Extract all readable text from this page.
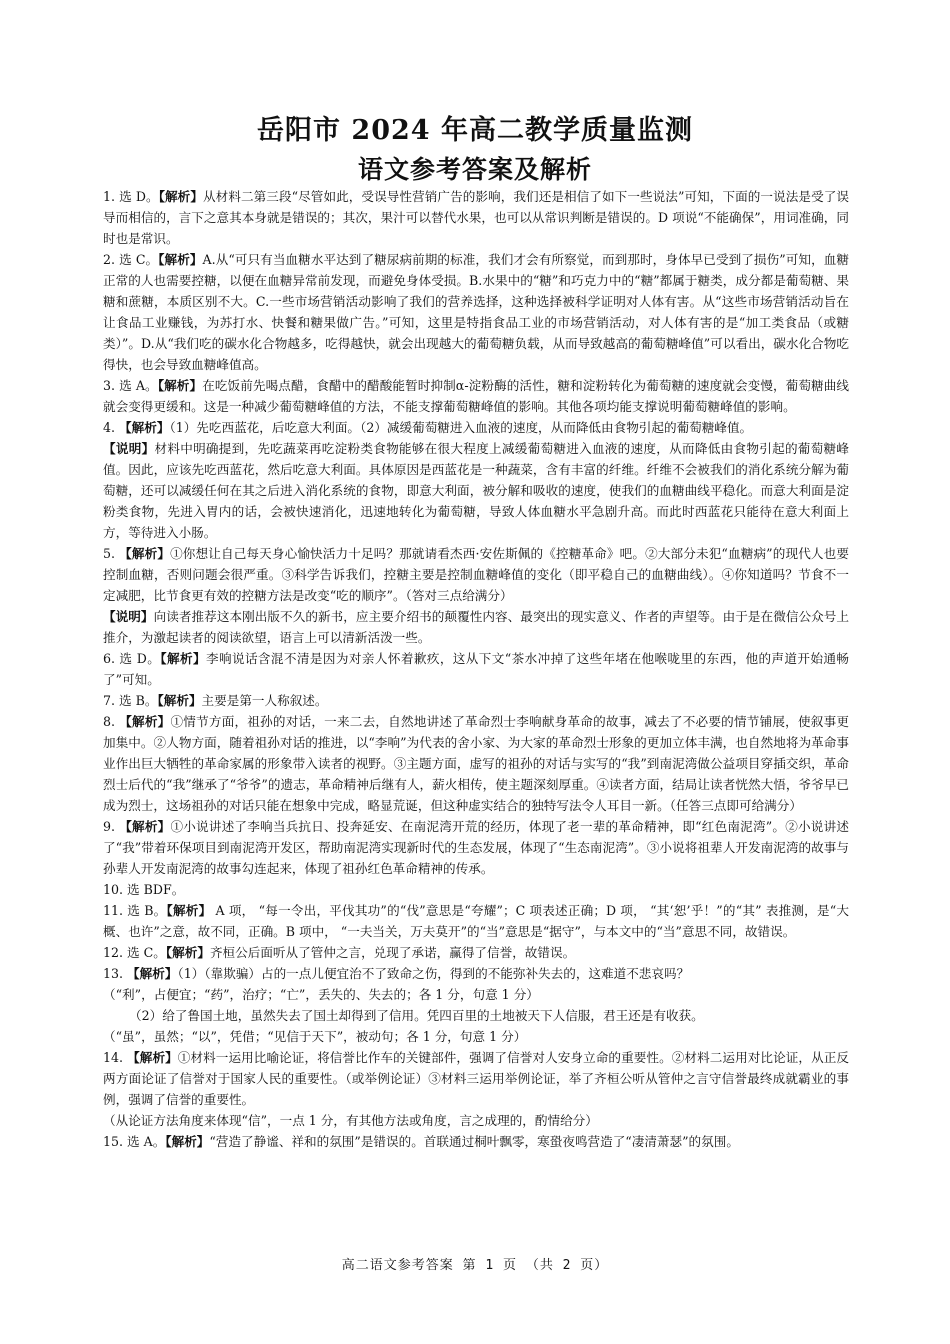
岳阳市 2024 年高二教学质量监测
语文参考答案及解析

1. 选 D。【解析】从材料二第三段“尽管如此，受误导性营销广告的影响，我们还是相信了如下一些说法”可知，下面的一说法是受了误导而相信的，言下之意其本身就是错误的；其次，果汁可以替代水果，也可以从常识判断是错误的。D 项说“不能确保”，用词准确，同时也是常识。

2. 选 C。【解析】A.从“可只有当血糖水平达到了糖尿病前期的标准，我们才会有所察觉，而到那时，身体早已受到了损伤”可知，血糖正常的人也需要控糖，以便在血糖异常前发现，而避免身体受损。B.水果中的“糖”和巧克力中的“糖”都属于糖类，成分都是葡萄糖、果糖和蔗糖，本质区别不大。C.一些市场营销活动影响了我们的营养选择，这种选择被科学证明对人体有害。从“这些市场营销活动旨在让食品工业赚钱，为苏打水、快餐和糖果做广告。”可知，这里是特指食品工业的市场营销活动，对人体有害的是“加工类食品（或糖类）”。D.从“我们吃的碳水化合物越多，吃得越快，就会出现越大的葡萄糖负载，从而导致越高的葡萄糖峰值”可以看出，碳水化合物吃得快，也会导致血糖峰值高。

3. 选 A。【解析】在吃饭前先喝点醋，食醋中的醋酸能暂时抑制α-淀粉酶的活性，糖和淀粉转化为葡萄糖的速度就会变慢，葡萄糖曲线就会变得更缓和。这是一种减少葡萄糖峰值的方法，不能支撑葡萄糖峰值的影响。其他各项均能支撑说明葡萄糖峰值的影响。

4. 【解析】（1）先吃西蓝花，后吃意大利面。（2）减缓葡萄糖进入血液的速度，从而降低由食物引起的葡萄糖峰值。

【说明】材料中明确提到，先吃蔬菜再吃淀粉类食物能够在很大程度上减缓葡萄糖进入血液的速度，从而降低由食物引起的葡萄糖峰值。因此，应该先吃西蓝花，然后吃意大利面。具体原因是西蓝花是一种蔬菜，含有丰富的纤维。纤维不会被我们的消化系统分解为葡萄糖，还可以减缓任何在其之后进入消化系统的食物，即意大利面，被分解和吸收的速度，使我们的血糖曲线平稳化。而意大利面是淀粉类食物，先进入胃内的话，会被快速消化，迅速地转化为葡萄糖，导致人体血糖水平急剧升高。而此时西蓝花只能待在意大利面上方，等待进入小肠。

5. 【解析】①你想让自己每天身心愉快活力十足吗？那就请看杰西·安佐斯佩的《控糖革命》吧。②大部分未犯“血糖病”的现代人也要控制血糖，否则问题会很严重。③科学告诉我们，控糖主要是控制血糖峰值的变化（即平稳自己的血糖曲线）。④你知道吗？节食不一定减肥，比节食更有效的控糖方法是改变“吃的顺序”。（答对三点给满分）

【说明】向读者推荐这本刚出版不久的新书，应主要介绍书的颠覆性内容、最突出的现实意义、作者的声望等。由于是在微信公众号上推介，为激起读者的阅读欲望，语言上可以清新活泼一些。

6. 选 D。【解析】李响说话含混不清是因为对亲人怀着歉疚，这从下文“茶水冲掉了这些年堵在他喉咙里的东西，他的声道开始通畅了”可知。

7. 选 B。【解析】主要是第一人称叙述。

8. 【解析】①情节方面，祖孙的对话，一来二去，自然地讲述了革命烈士李响献身革命的故事，减去了不必要的情节铺展，使叙事更加集中。②人物方面，随着祖孙对话的推进，以“李响”为代表的舍小家、为大家的革命烈士形象的更加立体丰满，也自然地将为革命事业作出巨大牺牲的革命家属的形象带入读者的视野。③主题方面，虚写的祖孙的对话与实写的“我”到南泥湾做公益项目穿插交织，革命烈士后代的“我”继承了“爷爷”的遗志，革命精神后继有人，薪火相传，使主题深刻厚重。④读者方面，结局让读者恍然大悟，爷爷早已成为烈士，这场祖孙的对话只能在想象中完成，略显荒诞，但这种虚实结合的独特写法令人耳目一新。（任答三点即可给满分）

9. 【解析】①小说讲述了李响当兵抗日、投奔延安、在南泥湾开荒的经历，体现了老一辈的革命精神，即“红色南泥湾”。②小说讲述了“我”带着环保项目到南泥湾开发区，帮助南泥湾实现新时代的生态发展，体现了“生态南泥湾”。③小说将祖辈人开发南泥湾的故事与孙辈人开发南泥湾的故事勾连起来，体现了祖孙红色革命精神的传承。

10. 选 BDF。

11. 选 B。【解析】 A 项， “每一令出，平伐其功”的“伐”意思是“夸耀”；C 项表述正确；D 项， “其‘恕’乎！”的“其” 表推测，是“大概、也许”之意，故不同，正确。B 项中， “一夫当关，万夫莫开”的“当”意思是“据守”，与本文中的“当”意思不同，故错误。

12. 选 C。【解析】齐桓公后面听从了管仲之言，兑现了承诺，赢得了信誉，故错误。

13. 【解析】（1）（靠欺骗）占的一点儿便宜治不了致命之伤，得到的不能弥补失去的，这难道不悲哀吗？

（“利”，占便宜；“药”，治疗；“亡”，丢失的、失去的；各 1 分，句意 1 分）

（2）给了鲁国土地，虽然失去了国土却得到了信用。凭四百里的土地被天下人信服，君王还是有收获。

（“虽”，虽然；“以”，凭借；“见信于天下”，被动句；各 1 分，句意 1 分）

14. 【解析】①材料一运用比喻论证，将信誉比作车的关键部件，强调了信誉对人安身立命的重要性。②材料二运用对比论证，从正反两方面论证了信誉对于国家人民的重要性。（或举例论证）③材料三运用举例论证，举了齐桓公听从管仲之言守信誉最终成就霸业的事例，强调了信誉的重要性。

（从论证方法角度来体现“信”，一点 1 分，有其他方法或角度，言之成理的，酌情给分）

15. 选 A。【解析】“营造了静谧、祥和的氛围”是错误的。首联通过桐叶飘零，寒蛩夜鸣营造了“凄清萧瑟”的氛围。

高二语文参考答案 第 1 页 （共 2 页）
